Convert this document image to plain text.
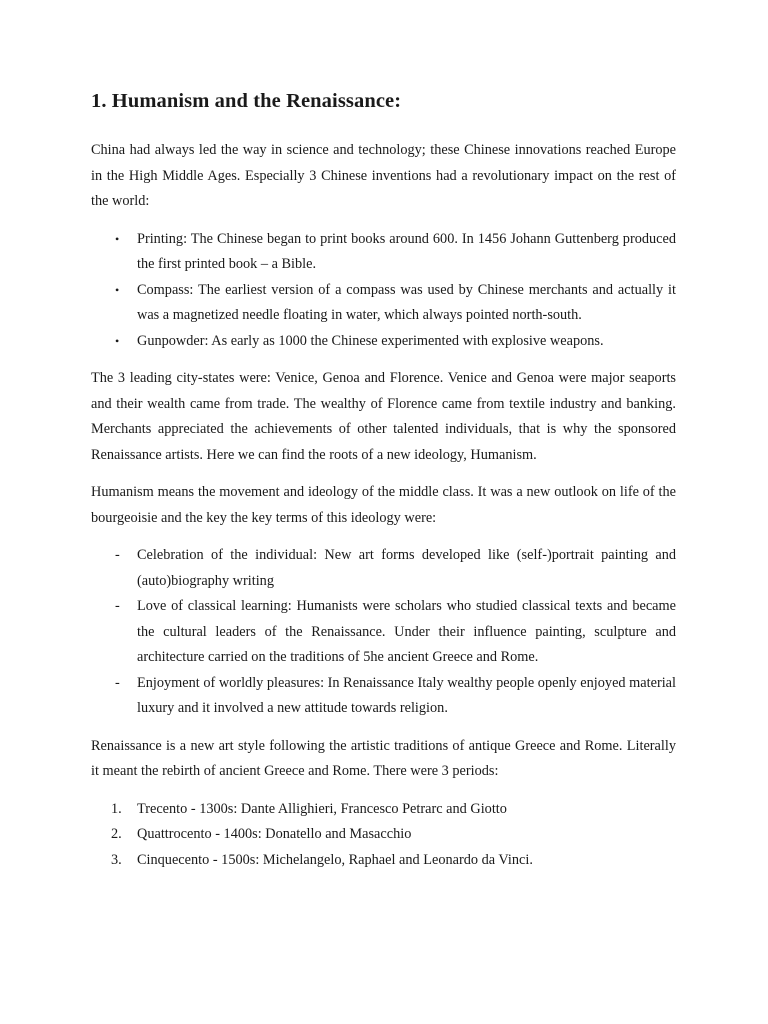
1. Humanism and the Renaissance:

China had always led the way in science and technology; these Chinese innovations reached Europe in the High Middle Ages. Especially 3 Chinese inventions had a revolutionary impact on the rest of the world:

• Printing: The Chinese began to print books around 600. In 1456 Johann Guttenberg produced the first printed book – a Bible.
• Compass: The earliest version of a compass was used by Chinese merchants and actually it was a magnetized needle floating in water, which always pointed north-south.
• Gunpowder: As early as 1000 the Chinese experimented with explosive weapons.

The 3 leading city-states were: Venice, Genoa and Florence. Venice and Genoa were major seaports and their wealth came from trade. The wealthy of Florence came from textile industry and banking. Merchants appreciated the achievements of other talented individuals, that is why the sponsored Renaissance artists. Here we can find the roots of a new ideology, Humanism.

Humanism means the movement and ideology of the middle class. It was a new outlook on life of the bourgeoisie and the key the key terms of this ideology were:

- Celebration of the individual: New art forms developed like (self-)portrait painting and (auto)biography writing
- Love of classical learning: Humanists were scholars who studied classical texts and became the cultural leaders of the Renaissance. Under their influence painting, sculpture and architecture carried on the traditions of 5he ancient Greece and Rome.
- Enjoyment of worldly pleasures: In Renaissance Italy wealthy people openly enjoyed material luxury and it involved a new attitude towards religion.

Renaissance is a new art style following the artistic traditions of antique Greece and Rome. Literally it meant the rebirth of ancient Greece and Rome. There were 3 periods:

1. Trecento - 1300s: Dante Allighieri, Francesco Petrarc and Giotto
2. Quattrocento - 1400s: Donatello and Masacchio
3. Cinquecento - 1500s: Michelangelo, Raphael and Leonardo da Vinci.
